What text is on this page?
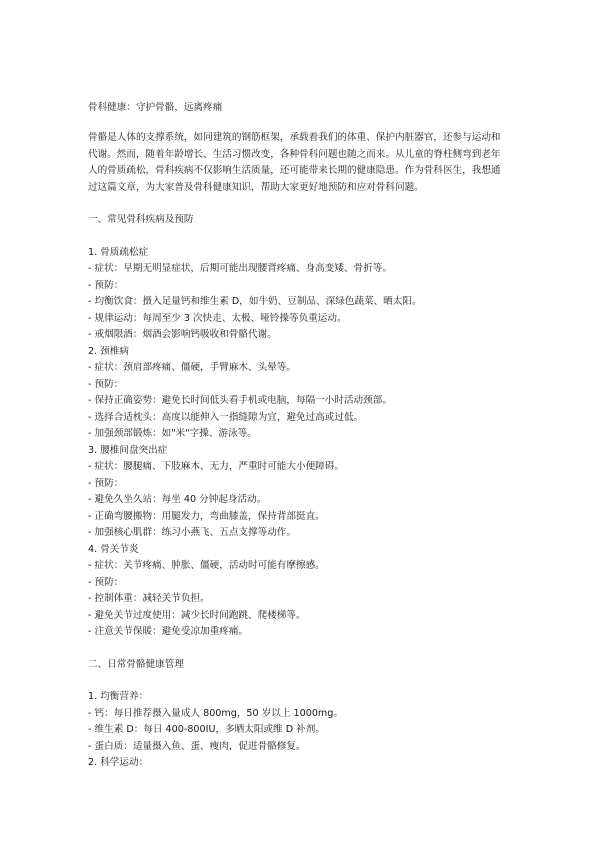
骨科健康：守护骨骼，远离疼痛

骨骼是人体的支撑系统，如同建筑的钢筋框架，承载着我们的体重、保护内脏器官，还参与运动和代谢。然而，随着年龄增长、生活习惯改变，各种骨科问题也随之而来。从儿童的脊柱侧弯到老年人的骨质疏松，骨科疾病不仅影响生活质量，还可能带来长期的健康隐患。作为骨科医生，我想通过这篇文章，为大家普及骨科健康知识，帮助大家更好地预防和应对骨科问题。

一、常见骨科疾病及预防
1. 骨质疏松症
- 症状：早期无明显症状，后期可能出现腰背疼痛、身高变矮、骨折等。
- 预防：
- 均衡饮食：摄入足量钙和维生素 D，如牛奶、豆制品、深绿色蔬菜、晒太阳。
- 规律运动：每周至少 3 次快走、太极、哑铃操等负重运动。
- 戒烟限酒：烟酒会影响钙吸收和骨骼代谢。
2. 颈椎病
- 症状：颈肩部疼痛、僵硬，手臂麻木、头晕等。
- 预防：
- 保持正确姿势：避免长时间低头看手机或电脑，每隔一小时活动颈部。
- 选择合适枕头：高度以能伸入一指缝隙为宜，避免过高或过低。
- 加强颈部锻炼：如"米"字操、游泳等。
3. 腰椎间盘突出症
- 症状：腰腿痛、下肢麻木、无力，严重时可能大小便障碍。
- 预防：
- 避免久坐久站：每坐 40 分钟起身活动。
- 正确弯腰搬物：用腿发力，弯曲膝盖，保持背部挺直。
- 加强核心肌群：练习小燕飞、五点支撑等动作。
4. 骨关节炎
- 症状：关节疼痛、肿胀、僵硬，活动时可能有摩擦感。
- 预防：
- 控制体重：减轻关节负担。
- 避免关节过度使用：减少长时间跑跳、爬楼梯等。
- 注意关节保暖：避免受凉加重疼痛。
二、日常骨骼健康管理
1. 均衡营养：
- 钙：每日推荐摄入量成人 800mg，50 岁以上 1000mg。
- 维生素 D：每日 400-800IU，多晒太阳或维 D 补剂。
- 蛋白质：适量摄入鱼、蛋、瘦肉，促进骨骼修复。
2. 科学运动：
